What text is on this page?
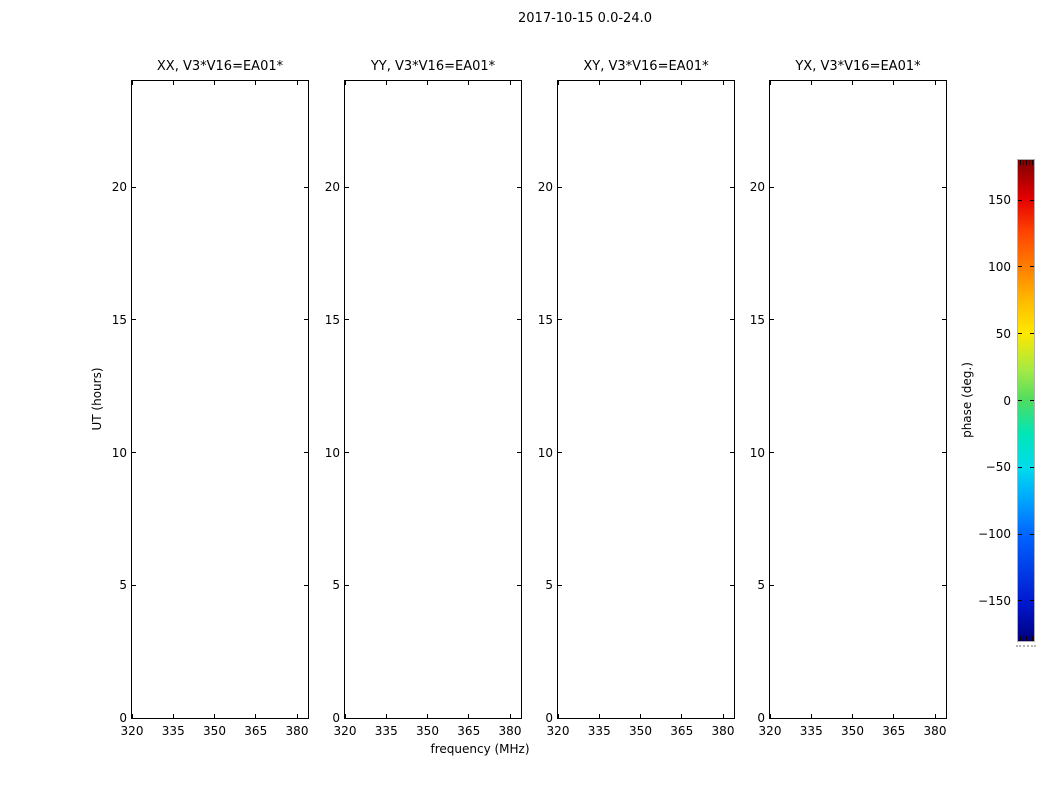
2017-10-15 0.0-24.0
XX, V3*V16=EA01*
320 335 350 365 380
0
5
10
15
20
YY, V3*V16=EA01*
320 335 350 365 380
0
5
10
15
20
XY, V3*V16=EA01*
320 335 350 365 380
0
5
10
15
20
YX, V3*V16=EA01*
320 335 350 365 380
0
5
10
15
20
UT (hours)
frequency (MHz)
150
100
50
0
−50
−100
−150
phase (deg.)
